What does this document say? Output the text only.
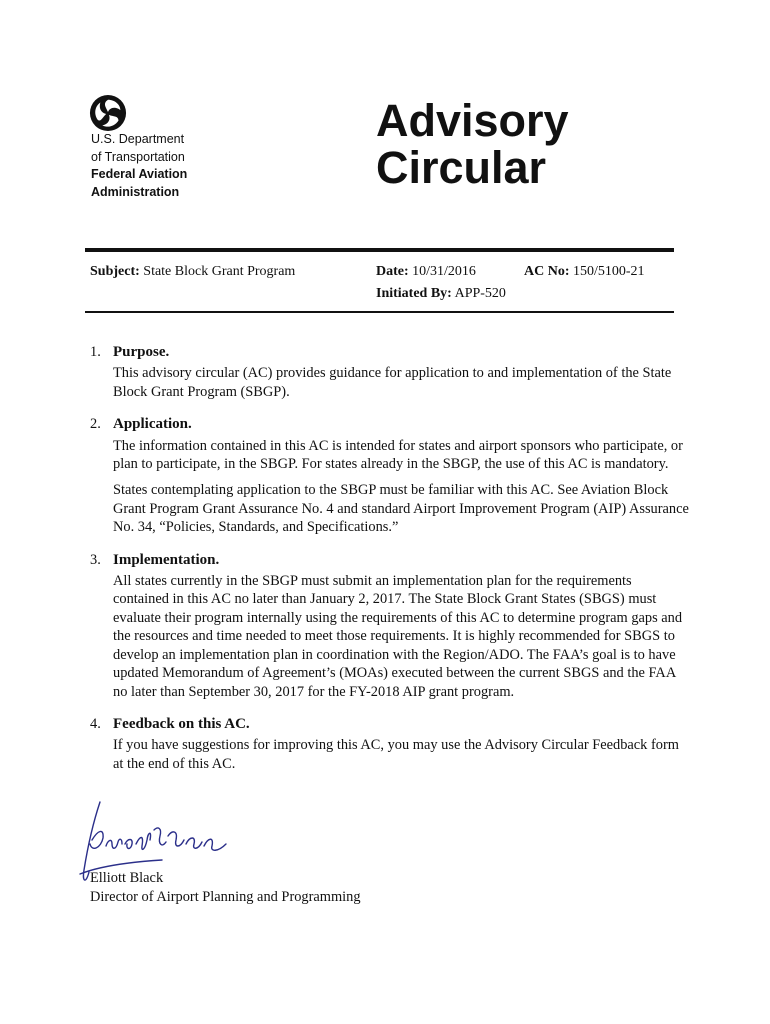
U.S. Department
of Transportation
Federal Aviation
Administration
Advisory
Circular
Subject: State Block Grant Program	Date: 10/31/2016	AC No: 150/5100-21
Initiated By: APP-520
1. Purpose.

This advisory circular (AC) provides guidance for application to and implementation of the State Block Grant Program (SBGP).

2. Application.

The information contained in this AC is intended for states and airport sponsors who participate, or plan to participate, in the SBGP. For states already in the SBGP, the use of this AC is mandatory.

States contemplating application to the SBGP must be familiar with this AC. See Aviation Block Grant Program Grant Assurance No. 4 and standard Airport Improvement Program (AIP) Assurance No. 34, “Policies, Standards, and Specifications.”

3. Implementation.

All states currently in the SBGP must submit an implementation plan for the requirements contained in this AC no later than January 2, 2017. The State Block Grant States (SBGS) must evaluate their program internally using the requirements of this AC to determine program gaps and the resources and time needed to meet those requirements. It is highly recommended for SBGS to develop an implementation plan in coordination with the Region/ADO. The FAA’s goal is to have updated Memorandum of Agreement’s (MOAs) executed between the current SBGS and the FAA no later than September 30, 2017 for the FY-2018 AIP grant program.

4. Feedback on this AC.

If you have suggestions for improving this AC, you may use the Advisory Circular Feedback form at the end of this AC.

Elliott Black
Director of Airport Planning and Programming
